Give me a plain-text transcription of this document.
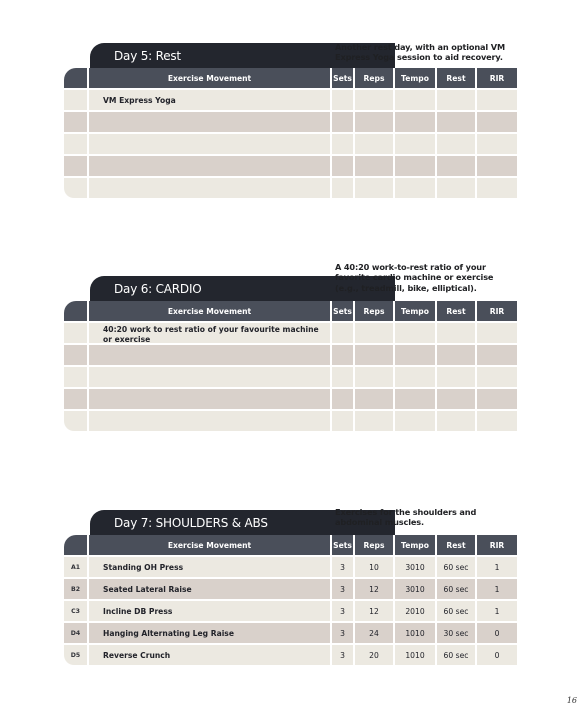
Day 5: Rest
Another rest day, with an optional VM Express Yoga session to aid recovery.
Exercise Movement	Sets	Reps	Tempo	Rest	RIR
VM Express Yoga
Day 6: CARDIO
A 40:20 work-to-rest ratio of your favorite cardio machine or exercise (e.g., treadmill, bike, elliptical).
Exercise Movement	Sets	Reps	Tempo	Rest	RIR
40:20 work to rest ratio of your favourite machine or exercise
Day 7: SHOULDERS & ABS
Exercises for the shoulders and abdominal muscles.
Exercise Movement	Sets	Reps	Tempo	Rest	RIR
A1	Standing OH Press	3	10	3010	60 sec	1
B2	Seated Lateral Raise	3	12	3010	60 sec	1
C3	Incline DB Press	3	12	2010	60 sec	1
D4	Hanging Alternating Leg Raise	3	24	1010	30 sec	0
D5	Reverse Crunch	3	20	1010	60 sec	0
16
